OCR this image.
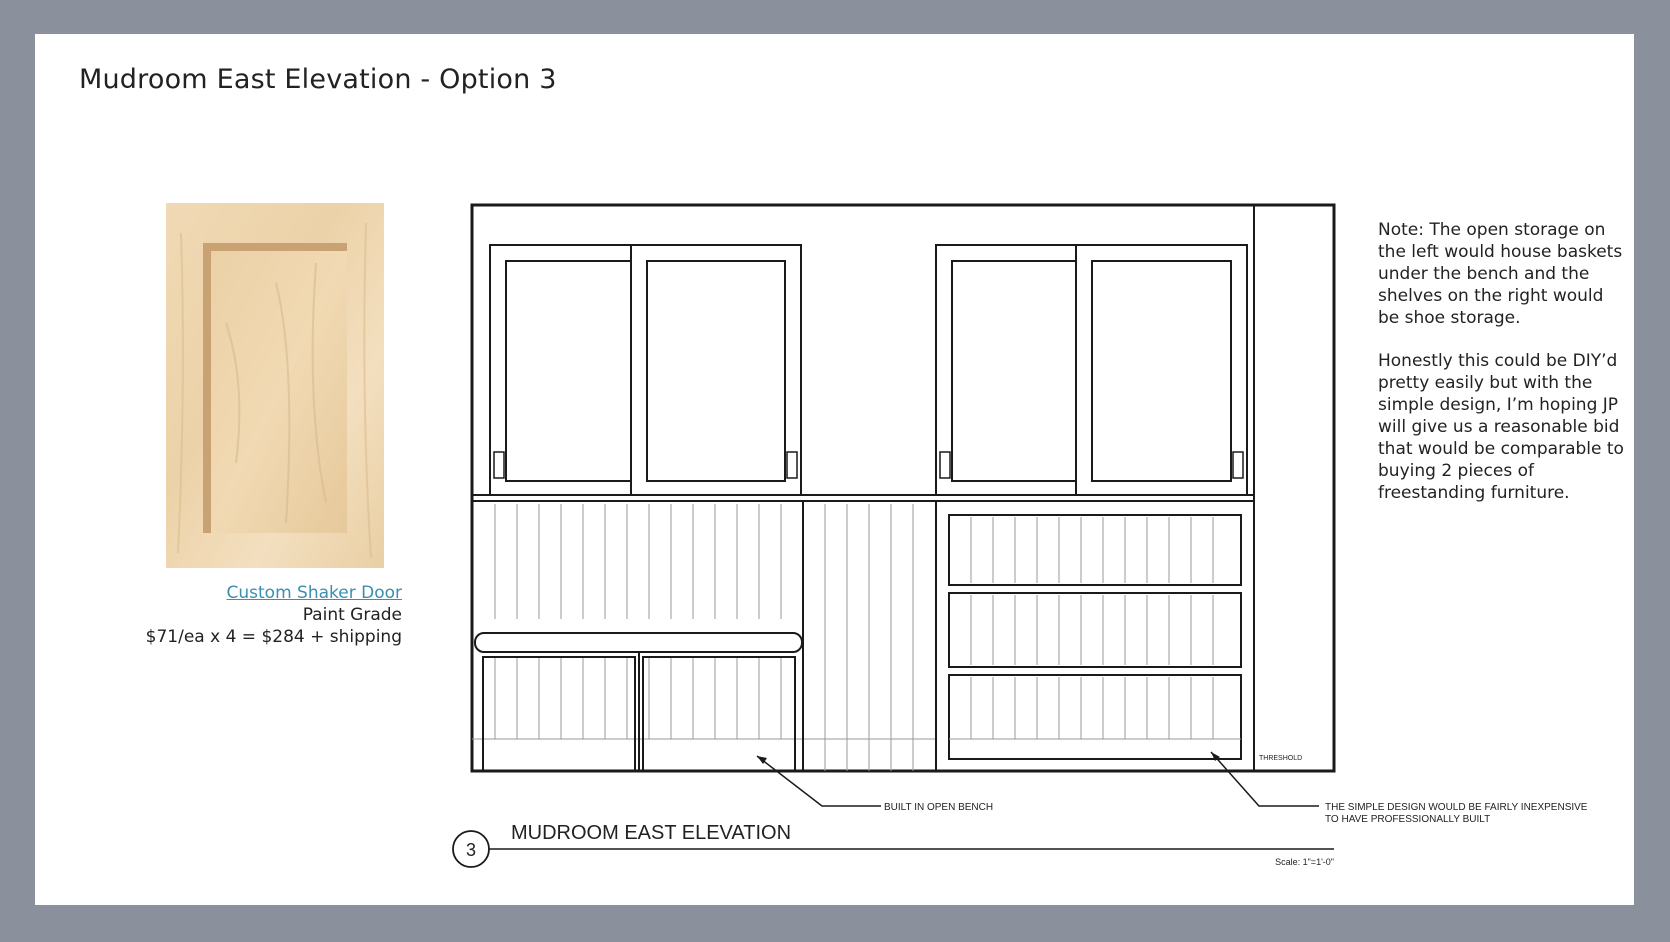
Mudroom East Elevation - Option 3
Custom Shaker Door
Paint Grade
$71/ea x 4 = $284 + shipping
THRESHOLD
BUILT IN OPEN BENCH	THE SIMPLE DESIGN WOULD BE FAIRLY INEXPENSIVE
TO HAVE PROFESSIONALLY BUILT
3
MUDROOM EAST ELEVATION
Scale: 1"=1'-0"

Note: The open storage on the left would house baskets under the bench and the shelves on the right would be shoe storage.

Honestly this could be DIY’d pretty easily but with the simple design, I’m hoping JP will give us a reasonable bid that would be comparable to buying 2 pieces of freestanding furniture.
